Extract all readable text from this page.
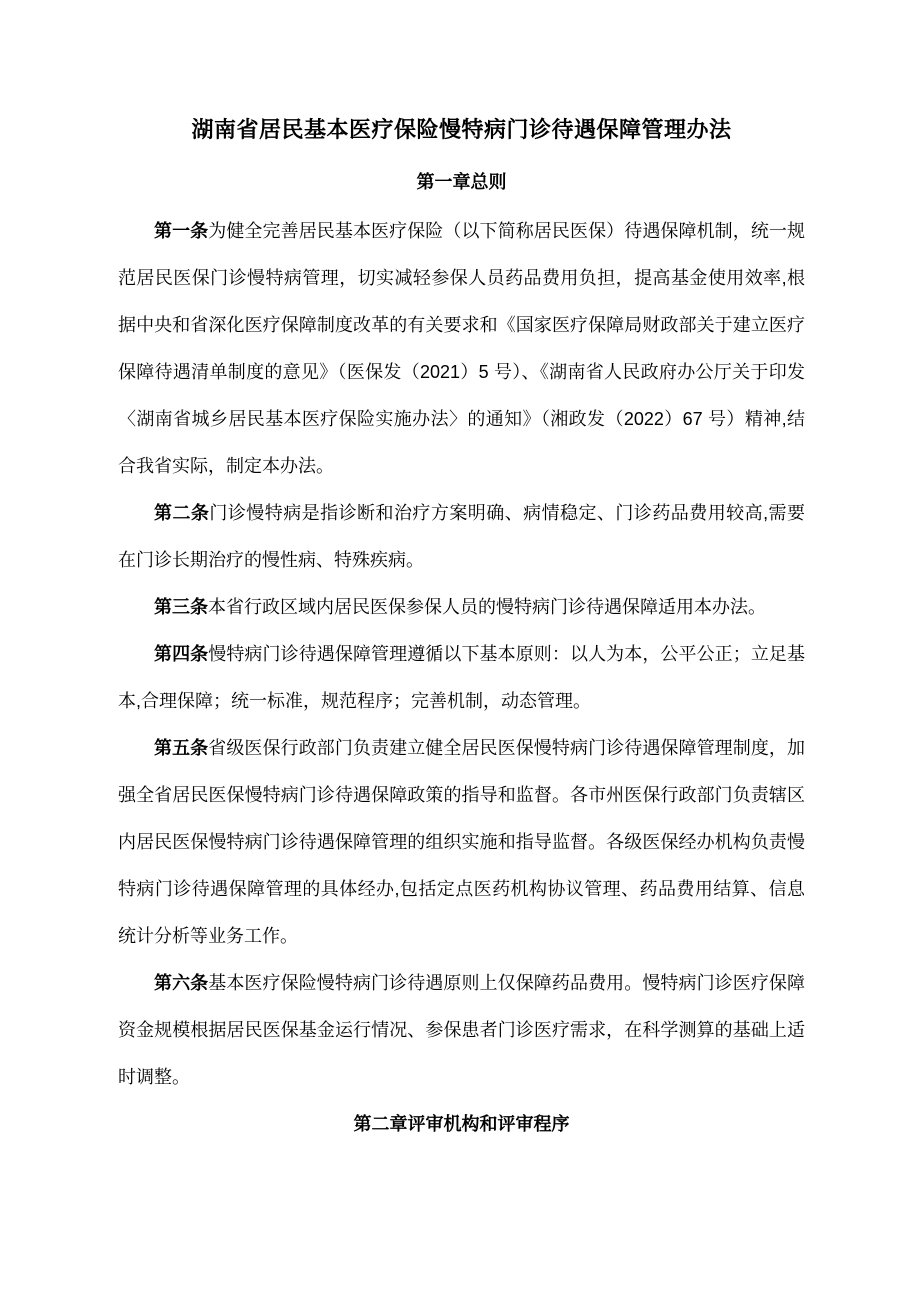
湖南省居民基本医疗保险慢特病门诊待遇保障管理办法
第一章总则

第一条为健全完善居民基本医疗保险（以下简称居民医保）待遇保障机制，统一规范居民医保门诊慢特病管理，切实减轻参保人员药品费用负担，提高基金使用效率,根据中央和省深化医疗保障制度改革的有关要求和《国家医疗保障局财政部关于建立医疗保障待遇清单制度的意见》（医保发（2021）5 号）、《湖南省人民政府办公厅关于印发〈湖南省城乡居民基本医疗保险实施办法〉的通知》（湘政发（2022）67 号）精神,结合我省实际，制定本办法。

第二条门诊慢特病是指诊断和治疗方案明确、病情稳定、门诊药品费用较高,需要在门诊长期治疗的慢性病、特殊疾病。

第三条本省行政区域内居民医保参保人员的慢特病门诊待遇保障适用本办法。

第四条慢特病门诊待遇保障管理遵循以下基本原则：以人为本，公平公正；立足基本,合理保障；统一标准，规范程序；完善机制，动态管理。

第五条省级医保行政部门负责建立健全居民医保慢特病门诊待遇保障管理制度，加强全省居民医保慢特病门诊待遇保障政策的指导和监督。各市州医保行政部门负责辖区内居民医保慢特病门诊待遇保障管理的组织实施和指导监督。各级医保经办机构负责慢特病门诊待遇保障管理的具体经办,包括定点医药机构协议管理、药品费用结算、信息统计分析等业务工作。

第六条基本医疗保险慢特病门诊待遇原则上仅保障药品费用。慢特病门诊医疗保障资金规模根据居民医保基金运行情况、参保患者门诊医疗需求，在科学测算的基础上适时调整。

第二章评审机构和评审程序
